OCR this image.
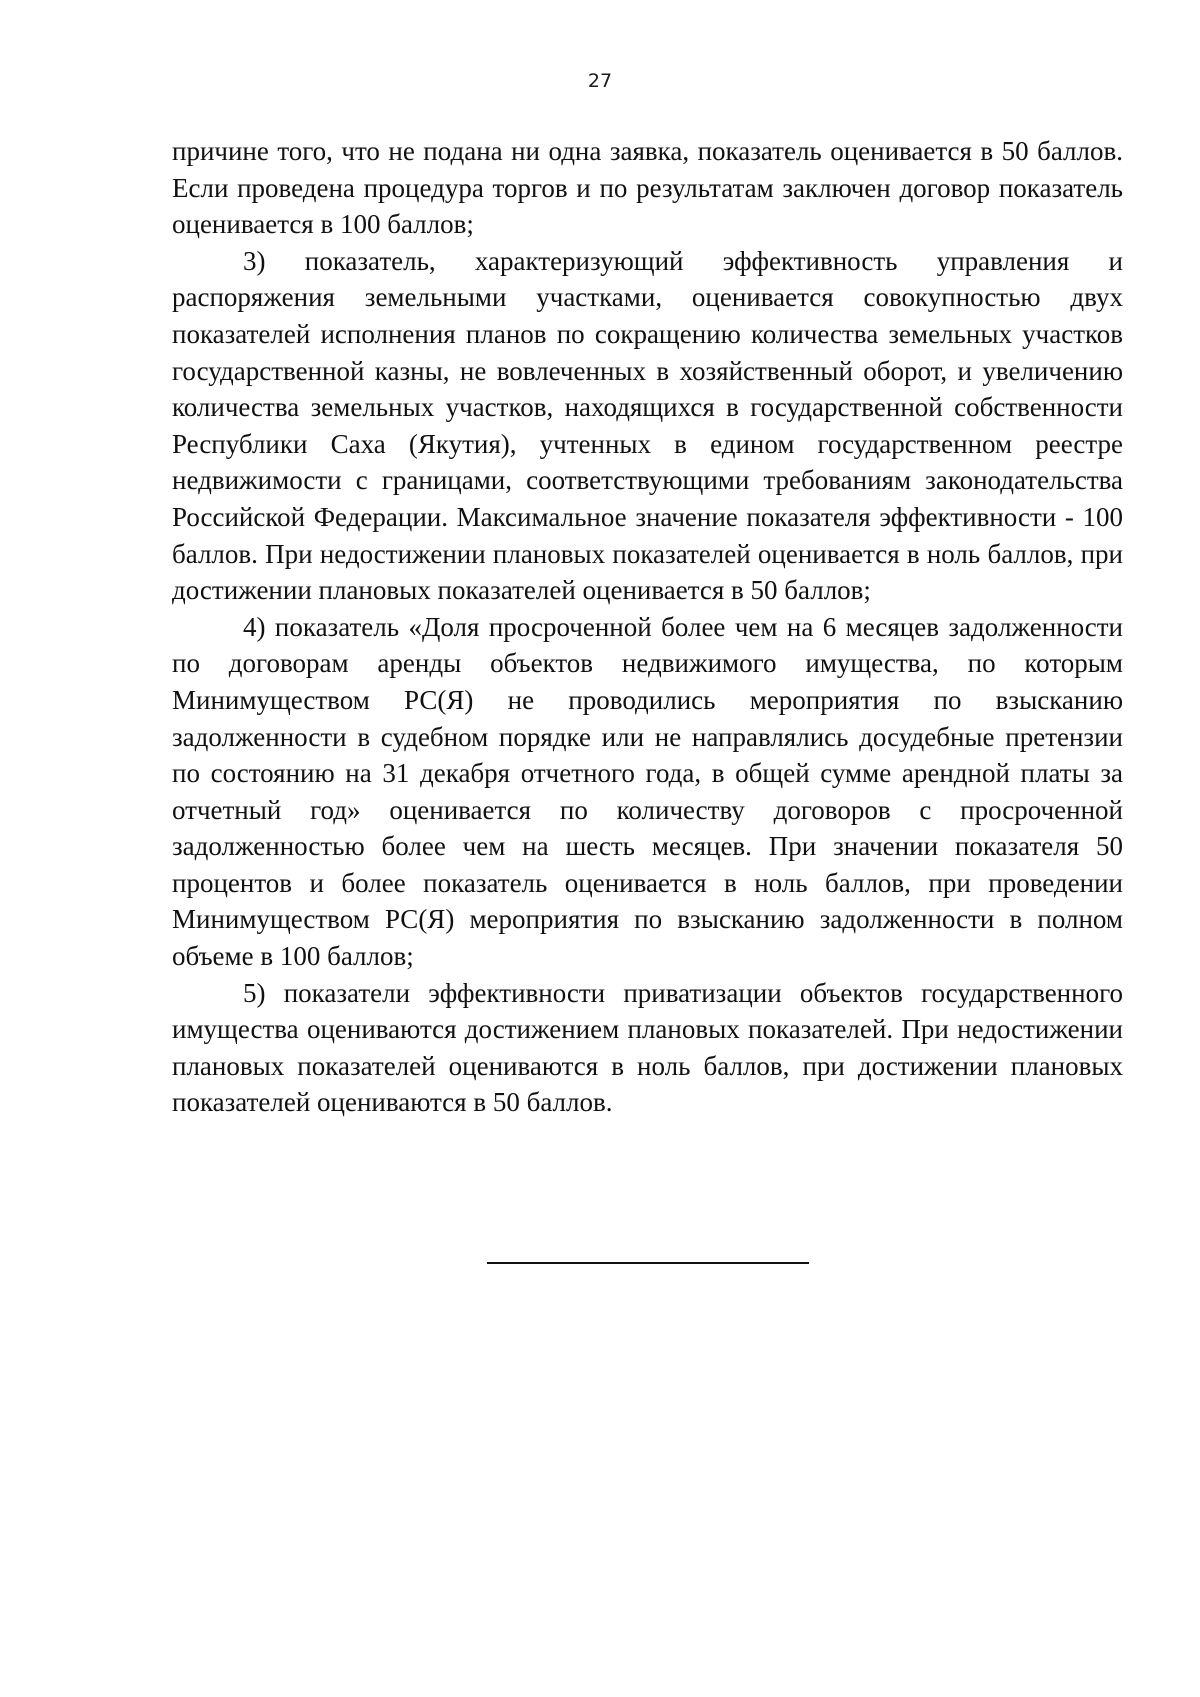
27

причине того, что не подана ни одна заявка, показатель оценивается в 50 баллов. Если проведена процедура торгов и по результатам заключен договор показатель оценивается в 100 баллов;

3) показатель, характеризующий эффективность управления и распоряжения земельными участками, оценивается совокупностью двух показателей исполнения планов по сокращению количества земельных участков государственной казны, не вовлеченных в хозяйственный оборот, и увеличению количества земельных участков, находящихся в государственной собственности Республики Саха (Якутия), учтенных в едином государственном реестре недвижимости с границами, соответствующими требованиям законодательства Российской Федерации. Максимальное значение показателя эффективности - 100 баллов. При недостижении плановых показателей оценивается в ноль баллов, при достижении плановых показателей оценивается в 50 баллов;

4) показатель «Доля просроченной более чем на 6 месяцев задолженности по договорам аренды объектов недвижимого имущества, по которым Минимуществом РС(Я) не проводились мероприятия по взысканию задолженности в судебном порядке или не направлялись досудебные претензии по состоянию на 31 декабря отчетного года, в общей сумме арендной платы за отчетный год» оценивается по количеству договоров с просроченной задолженностью более чем на шесть месяцев. При значении показателя 50 процентов и более показатель оценивается в ноль баллов, при проведении Минимуществом РС(Я) мероприятия по взысканию задолженности в полном объеме в 100 баллов;

5) показатели эффективности приватизации объектов государственного имущества оцениваются достижением плановых показателей. При недостижении плановых показателей оцениваются в ноль баллов, при достижении плановых показателей оцениваются в 50 баллов.
